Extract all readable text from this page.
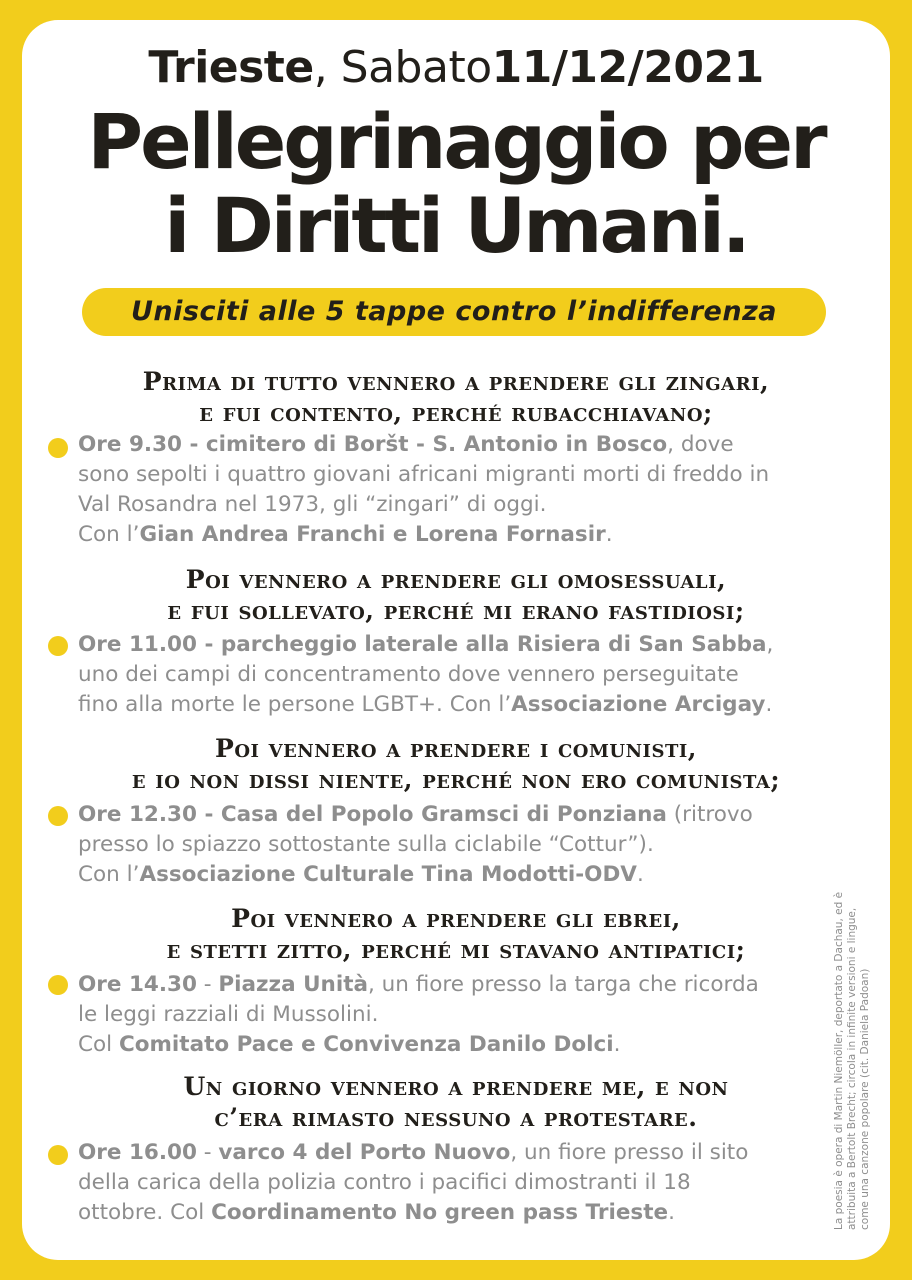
Trieste, Sabato11/12/2021
Pellegrinaggio per
i Diritti Umani.
Unisciti alle 5 tappe contro l’indifferenza
Prima di tutto vennero a prendere gli zingari,
e fui contento, perché rubacchiavano;
Poi vennero a prendere gli omosessuali,
e fui sollevato, perché mi erano fastidiosi;
Poi vennero a prendere i comunisti,
e io non dissi niente, perché non ero comunista;
Poi vennero a prendere gli ebrei,
e stetti zitto, perché mi stavano antipatici;
Un giorno vennero a prendere me, e non
c’era rimasto nessuno a protestare.
Ore 9.30 - cimitero di Boršt - S. Antonio in Bosco, dove sono sepolti i quattro giovani africani migranti morti di freddo in Val Rosandra nel 1973, gli “zingari” di oggi.
Con l’Gian Andrea Franchi e Lorena Fornasir.
Ore 11.00 - parcheggio laterale alla Risiera di San Sabba, uno dei campi di concentramento dove vennero perseguitate fino alla morte le persone LGBT+. Con l’Associazione Arcigay.
Ore 12.30 - Casa del Popolo Gramsci di Ponziana (ritrovo presso lo spiazzo sottostante sulla ciclabile “Cottur”).
Con l’Associazione Culturale Tina Modotti-ODV.
Ore 14.30 - Piazza Unità, un fiore presso la targa che ricorda le leggi razziali di Mussolini.
Col Comitato Pace e Convivenza Danilo Dolci.
Ore 16.00 - varco 4 del Porto Nuovo, un fiore presso il sito della carica della polizia contro i pacifici dimostranti il 18 ottobre. Col Coordinamento No green pass Trieste.	La poesia è opera di Martin Niemöller, deportato a Dachau, ed è
attribuita a Bertolt Brecht; circola in infinite versioni e lingue,
come una canzone popolare (cit. Daniela Padoan)
